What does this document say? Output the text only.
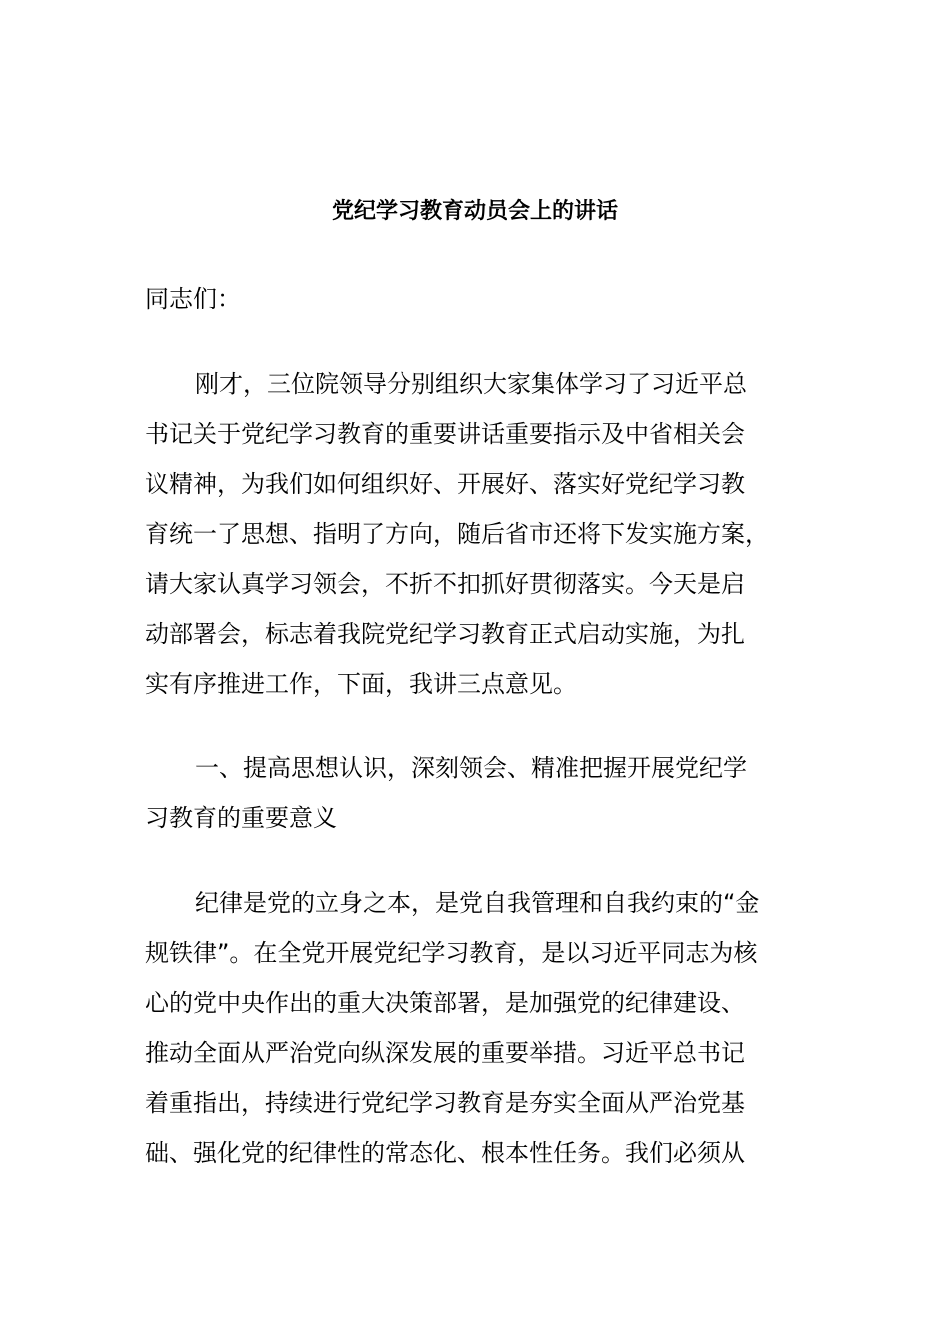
党纪学习教育动员会上的讲话
同志们：
刚才，三位院领导分别组织大家集体学习了习近平总
书记关于党纪学习教育的重要讲话重要指示及中省相关会
议精神，为我们如何组织好、开展好、落实好党纪学习教
育统一了思想、指明了方向，随后省市还将下发实施方案，
请大家认真学习领会，不折不扣抓好贯彻落实。今天是启
动部署会，标志着我院党纪学习教育正式启动实施，为扎
实有序推进工作，下面，我讲三点意见。
一、提高思想认识，深刻领会、精准把握开展党纪学
习教育的重要意义
纪律是党的立身之本，是党自我管理和自我约束的“金
规铁律”。在全党开展党纪学习教育，是以习近平同志为核
心的党中央作出的重大决策部署，是加强党的纪律建设、
推动全面从严治党向纵深发展的重要举措。习近平总书记
着重指出，持续进行党纪学习教育是夯实全面从严治党基
础、强化党的纪律性的常态化、根本性任务。我们必须从
